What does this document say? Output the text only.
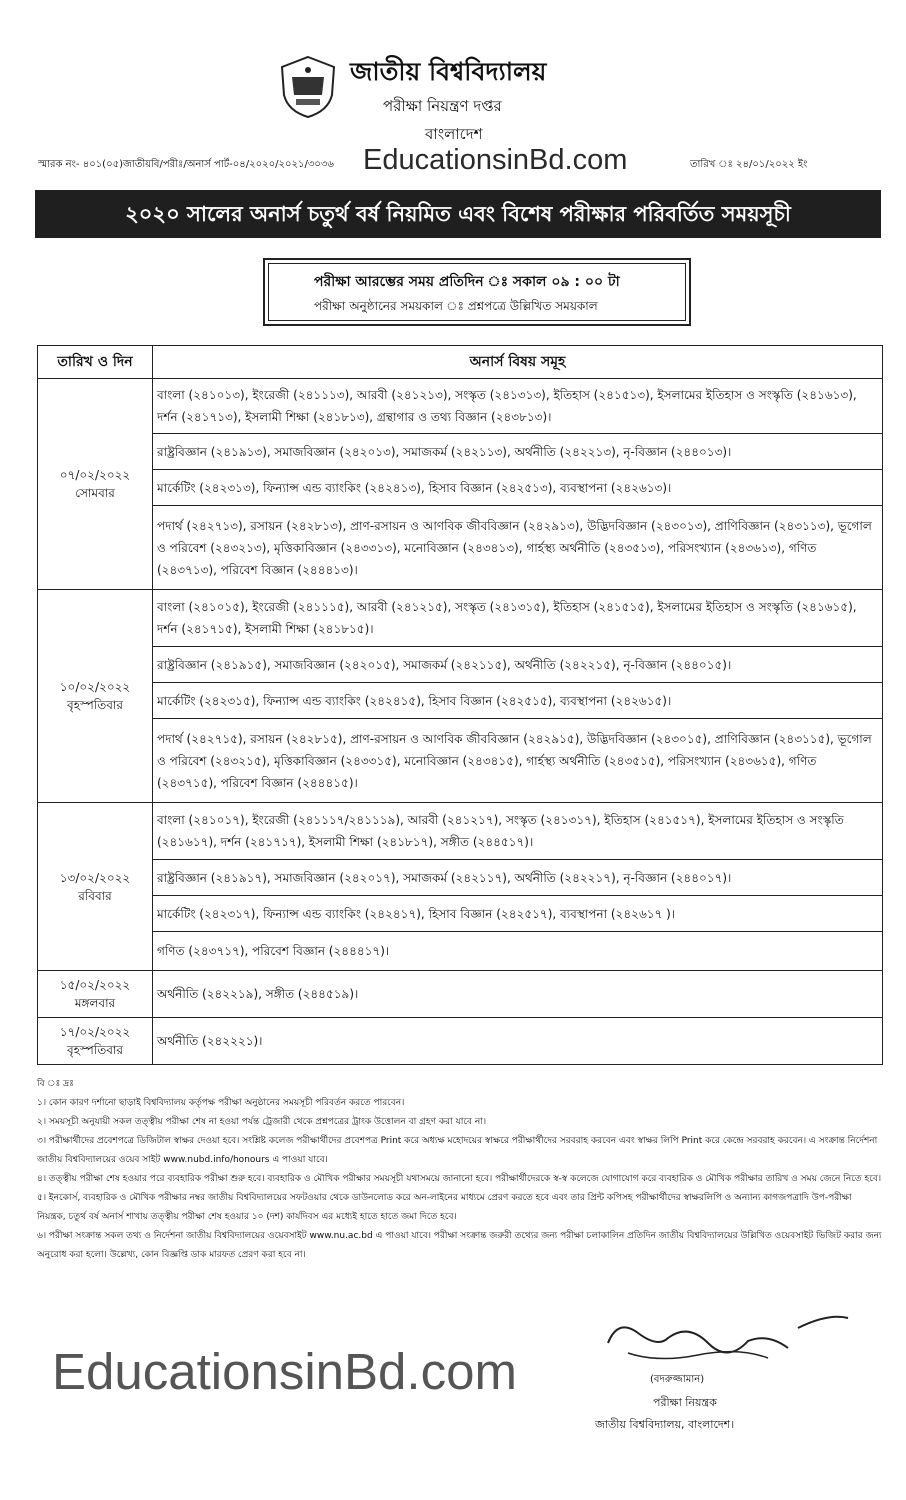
জাতীয় বিশ্ববিদ্যালয়
পরীক্ষা নিয়ন্ত্রণ দপ্তর
বাংলাদেশ
স্মারক নং- ৪০১(০৫)জাতীয়বি/পরীঃ/অনার্স পার্ট-০৪/২০২০/২০২১/৩০৩৬ EducationsinBd.com	তারিখ ঃ ২৪/০১/২০২২ ইং
২০২০ সালের অনার্স চতুর্থ বর্ষ নিয়মিত এবং বিশেষ পরীক্ষার পরিবর্তিত সময়সূচী
পরীক্ষা আরম্ভের সময় প্রতিদিন ঃ সকাল ০৯ : ০০ টা
পরীক্ষা অনুষ্ঠানের সময়কাল ঃ প্রশ্নপত্রে উল্লিখিত সময়কাল
তারিখ ও দিন	অনার্স বিষয় সমূহ
০৭/০২/২০২২
সোমবার
বাংলা (২৪১০১৩), ইংরেজী (২৪১১১৩), আরবী (২৪১২১৩), সংস্কৃত (২৪১৩১৩), ইতিহাস (২৪১৫১৩), ইসলামের ইতিহাস ও সংস্কৃতি (২৪১৬১৩), দর্শন (২৪১৭১৩), ইসলামী শিক্ষা (২৪১৮১৩), গ্রন্থাগার ও তথ্য বিজ্ঞান (২৪৩৮১৩)।
রাষ্ট্রবিজ্ঞান (২৪১৯১৩), সমাজবিজ্ঞান (২৪২০১৩), সমাজকর্ম (২৪২১১৩), অর্থনীতি (২৪২২১৩), নৃ-বিজ্ঞান (২৪৪০১৩)।
মার্কেটিং (২৪২৩১৩), ফিন্যান্স এন্ড ব্যাংকিং (২৪২৪১৩), হিসাব বিজ্ঞান (২৪২৫১৩), ব্যবস্থাপনা (২৪২৬১৩)।
পদার্থ (২৪২৭১৩), রসায়ন (২৪২৮১৩), প্রাণ-রসায়ন ও আণবিক জীববিজ্ঞান (২৪২৯১৩), উদ্ভিদবিজ্ঞান (২৪৩০১৩), প্রাণিবিজ্ঞান (২৪৩১১৩), ভূগোল ও পরিবেশ (২৪৩২১৩), মৃত্তিকাবিজ্ঞান (২৪৩৩১৩), মনোবিজ্ঞান (২৪৩৪১৩), গার্হস্থ্য অর্থনীতি (২৪৩৫১৩), পরিসংখ্যান (২৪৩৬১৩), গণিত (২৪৩৭১৩), পরিবেশ বিজ্ঞান (২৪৪৪১৩)।
১০/০২/২০২২
বৃহস্পতিবার
বাংলা (২৪১০১৫), ইংরেজী (২৪১১১৫), আরবী (২৪১২১৫), সংস্কৃত (২৪১৩১৫), ইতিহাস (২৪১৫১৫), ইসলামের ইতিহাস ও সংস্কৃতি (২৪১৬১৫), দর্শন (২৪১৭১৫), ইসলামী শিক্ষা (২৪১৮১৫)।
রাষ্ট্রবিজ্ঞান (২৪১৯১৫), সমাজবিজ্ঞান (২৪২০১৫), সমাজকর্ম (২৪২১১৫), অর্থনীতি (২৪২২১৫), নৃ-বিজ্ঞান (২৪৪০১৫)।
মার্কেটিং (২৪২৩১৫), ফিন্যান্স এন্ড ব্যাংকিং (২৪২৪১৫), হিসাব বিজ্ঞান (২৪২৫১৫), ব্যবস্থাপনা (২৪২৬১৫)।
পদার্থ (২৪২৭১৫), রসায়ন (২৪২৮১৫), প্রাণ-রসায়ন ও আণবিক জীববিজ্ঞান (২৪২৯১৫), উদ্ভিদবিজ্ঞান (২৪৩০১৫), প্রাণিবিজ্ঞান (২৪৩১১৫), ভূগোল ও পরিবেশ (২৪৩২১৫), মৃত্তিকাবিজ্ঞান (২৪৩৩১৫), মনোবিজ্ঞান (২৪৩৪১৫), গার্হস্থ্য অর্থনীতি (২৪৩৫১৫), পরিসংখ্যান (২৪৩৬১৫), গণিত (২৪৩৭১৫), পরিবেশ বিজ্ঞান (২৪৪৪১৫)।
১৩/০২/২০২২
রবিবার
বাংলা (২৪১০১৭), ইংরেজী (২৪১১১৭/২৪১১১৯), আরবী (২৪১২১৭), সংস্কৃত (২৪১৩১৭), ইতিহাস (২৪১৫১৭), ইসলামের ইতিহাস ও সংস্কৃতি (২৪১৬১৭), দর্শন (২৪১৭১৭), ইসলামী শিক্ষা (২৪১৮১৭), সঙ্গীত (২৪৪৫১৭)।
রাষ্ট্রবিজ্ঞান (২৪১৯১৭), সমাজবিজ্ঞান (২৪২০১৭), সমাজকর্ম (২৪২১১৭), অর্থনীতি (২৪২২১৭), নৃ-বিজ্ঞান (২৪৪০১৭)।
মার্কেটিং (২৪২৩১৭), ফিন্যান্স এন্ড ব্যাংকিং (২৪২৪১৭), হিসাব বিজ্ঞান (২৪২৫১৭), ব্যবস্থাপনা (২৪২৬১৭ )।
গণিত (২৪৩৭১৭), পরিবেশ বিজ্ঞান (২৪৪৪১৭)।
১৫/০২/২০২২
মঙ্গলবার
অর্থনীতি (২৪২২১৯), সঙ্গীত (২৪৪৫১৯)।
১৭/০২/২০২২
বৃহস্পতিবার
অর্থনীতি (২৪২২২১)।
বি ঃ দ্রঃ
১। কোন কারণ দর্শানো ছাড়াই বিশ্ববিদ্যালয় কর্তৃপক্ষ পরীক্ষা অনুষ্ঠানের সময়সূচী পরিবর্তন করতে পারবেন।
২। সময়সূচী অনুযায়ী সকল তত্ত্বীয় পরীক্ষা শেষ না হওয়া পর্যন্ত ট্রেজারী থেকে প্রশ্নপত্রের ট্রাংক উত্তোলন বা গ্রহণ করা যাবে না।
৩। পরীক্ষার্থীদের প্রবেশপত্রে ডিজিটাল স্বাক্ষর দেওয়া হবে। সংশ্লিষ্ট কলেজ পরীক্ষার্থীদের প্রবেশপত্র Print করে অধ্যক্ষ মহোদয়ের স্বাক্ষরে পরীক্ষার্থীদের সরবরাহ করবেন এবং স্বাক্ষর লিপি Print করে কেন্দ্রে সরবরাহ করবেন। এ সংক্রান্ত নির্দেশনা জাতীয় বিশ্ববিদ্যালয়ের ওয়েব সাইট www.nubd.info/honours এ পাওয়া যাবে।
৪। তত্ত্বীয় পরীক্ষা শেষ হওয়ার পরে ব্যবহারিক পরীক্ষা শুরু হবে। ব্যবহারিক ও মৌখিক পরীক্ষার সময়সূচী যথাসময়ে জানানো হবে। পরীক্ষার্থীদেরকে স্ব-স্ব কলেজে যোগাযোগ করে ব্যবহারিক ও মৌখিক পরীক্ষার তারিখ ও সময় জেনে নিতে হবে।
৫। ইনকোর্স, ব্যবহারিক ও মৌখিক পরীক্ষার নম্বর জাতীয় বিশ্ববিদ্যালয়ের সফটওয়ার থেকে ডাউনলোড করে অন-লাইনের মাধ্যমে প্রেরণ করতে হবে এবং তার প্রিন্ট কপিসহ পরীক্ষার্থীদের স্বাক্ষরলিপি ও অন্যান্য কাগজপত্রাদি উপ-পরীক্ষা নিয়ন্ত্রক, চতুর্থ বর্ষ অনার্স শাখায় তত্ত্বীয় পরীক্ষা শেষ হওয়ার ১০ (দশ) কার্যদিবস এর মধ্যেই হাতে হাতে জমা দিতে হবে।
৬। পরীক্ষা সংক্রান্ত সকল তথ্য ও নির্দেশনা জাতীয় বিশ্ববিদ্যালয়ের ওয়েবসাইট www.nu.ac.bd এ পাওয়া যাবে। পরীক্ষা সংক্রান্ত জরুরী তথ্যের জন্য পরীক্ষা চলাকালিন প্রতিদিন জাতীয় বিশ্ববিদ্যালয়ের উল্লিখিত ওয়েবসাইট ভিজিট করার জন্য অনুরোধ করা হলো। উল্লেখ্য, কোন বিজ্ঞপ্তি ডাক মারফত প্রেরণ করা হবে না।
(বদরুজ্জামান)
পরীক্ষা নিয়ন্ত্রক
জাতীয় বিশ্ববিদ্যালয়, বাংলাদেশ।
EducationsinBd.com
